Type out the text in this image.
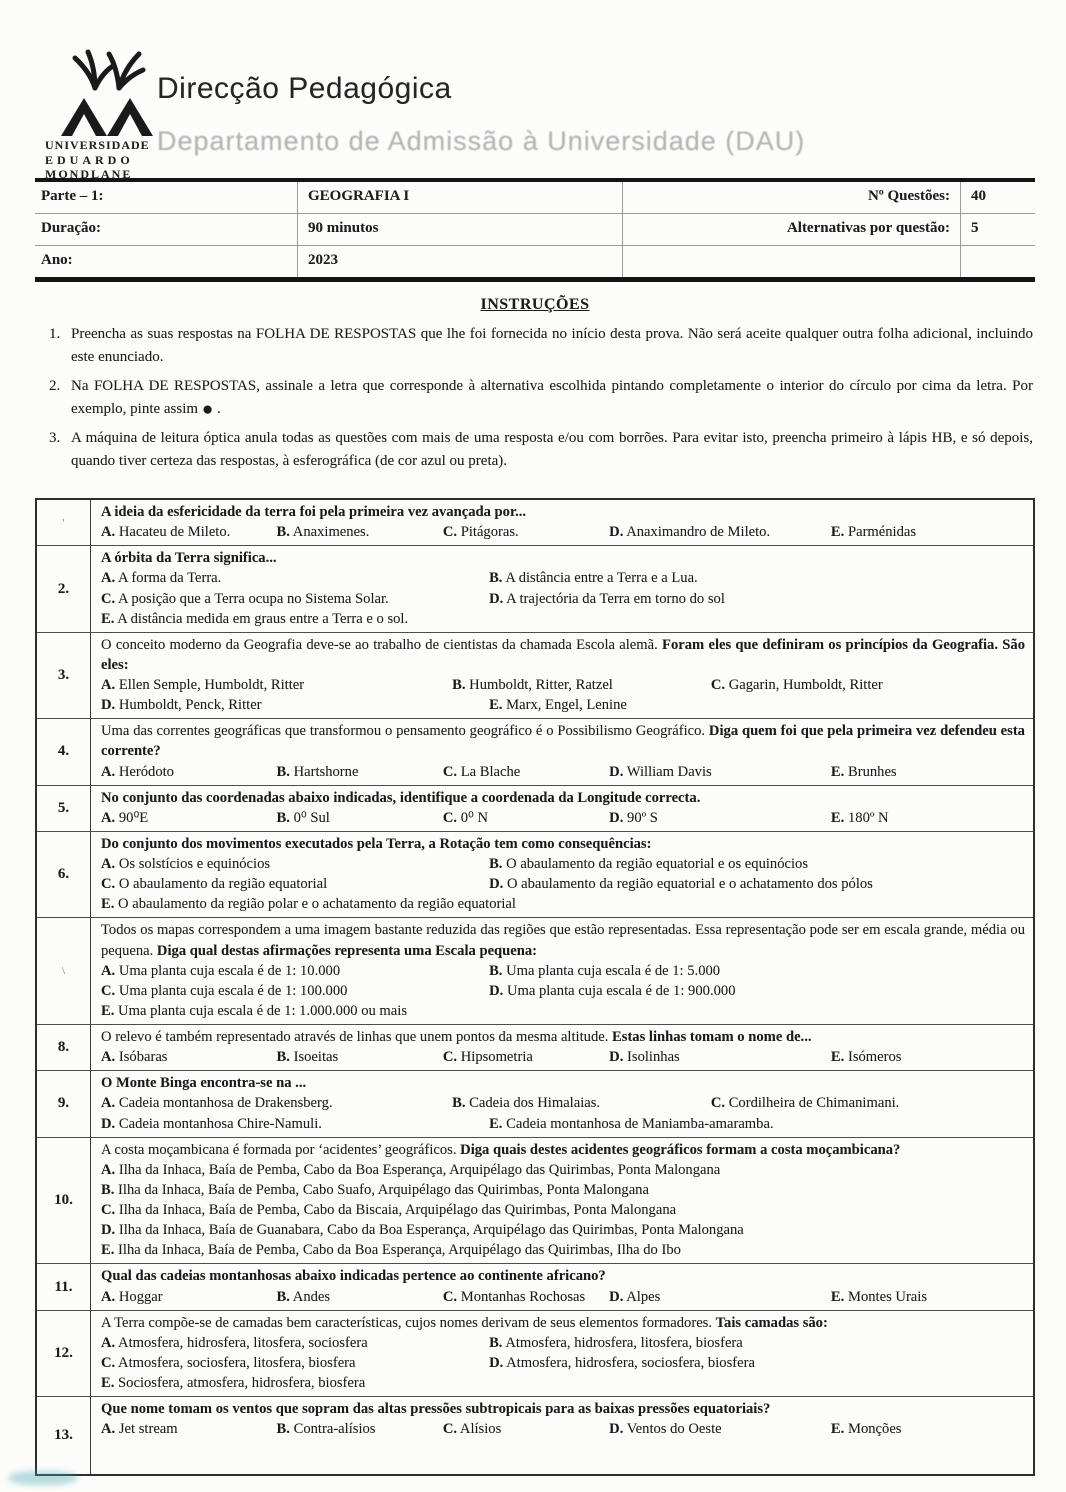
UNIVERSIDADE
EDUARDO
MONDLANE
Direcção Pedagógica
Departamento de Admissão à Universidade (DAU)
Parte – 1:	GEOGRAFIA I	Nº Questões:	40
Duração:	90 minutos	Alternativas por questão:	5
Ano:	2023
INSTRUÇÕES
1. Preencha as suas respostas na FOLHA DE RESPOSTAS que lhe foi fornecida no início desta prova. Não será aceite qualquer outra folha adicional, incluindo este enunciado.
2. Na FOLHA DE RESPOSTAS, assinale a letra que corresponde à alternativa escolhida pintando completamente o interior do círculo por cima da letra. Por exemplo, pinte assim ● .
3. A máquina de leitura óptica anula todas as questões com mais de uma resposta e/ou com borrões. Para evitar isto, preencha primeiro à lápis HB, e só depois, quando tiver certeza das respostas, à esferográfica (de cor azul ou preta).
'
A ideia da esfericidade da terra foi pela primeira vez avançada por...
A. Hacateu de Mileto.	B. Anaximenes.	C. Pitágoras.	D. Anaximandro de Mileto.	E. Parménidas
2.
A órbita da Terra significa...
A. A forma da Terra.	B. A distância entre a Terra e a Lua.
C. A posição que a Terra ocupa no Sistema Solar.	D. A trajectória da Terra em torno do sol
E. A distância medida em graus entre a Terra e o sol.
3.
O conceito moderno da Geografia deve-se ao trabalho de cientistas da chamada Escola alemã. Foram eles que definiram os princípios da Geografia. São eles:
A. Ellen Semple, Humboldt, Ritter	B. Humboldt, Ritter, Ratzel	C. Gagarin, Humboldt, Ritter
D. Humboldt, Penck, Ritter	E. Marx, Engel, Lenine
4.
Uma das correntes geográficas que transformou o pensamento geográfico é o Possibilismo Geográfico. Diga quem foi que pela primeira vez defendeu esta corrente?
A. Heródoto	B. Hartshorne	C. La Blache	D. William Davis	E. Brunhes
5.
No conjunto das coordenadas abaixo indicadas, identifique a coordenada da Longitude correcta.
A. 90⁰E	B. 0⁰ Sul	C. 0⁰ N	D. 90º S	E. 180º N
6.
Do conjunto dos movimentos executados pela Terra, a Rotação tem como consequências:
A. Os solstícios e equinócios	B. O abaulamento da região equatorial e os equinócios
C. O abaulamento da região equatorial	D. O abaulamento da região equatorial e o achatamento dos pólos
E. O abaulamento da região polar e o achatamento da região equatorial
\
Todos os mapas correspondem a uma imagem bastante reduzida das regiões que estão representadas. Essa representação pode ser em escala grande, média ou pequena. Diga qual destas afirmações representa uma Escala pequena:
A. Uma planta cuja escala é de 1: 10.000	B. Uma planta cuja escala é de 1: 5.000
C. Uma planta cuja escala é de 1: 100.000	D. Uma planta cuja escala é de 1: 900.000
E. Uma planta cuja escala é de 1: 1.000.000 ou mais
8.
O relevo é também representado através de linhas que unem pontos da mesma altitude. Estas linhas tomam o nome de...
A. Isóbaras	B. Isoeitas	C. Hipsometria	D. Isolinhas	E. Isómeros
9.
O Monte Binga encontra-se na ...
A. Cadeia montanhosa de Drakensberg.	B. Cadeia dos Himalaias.	C. Cordilheira de Chimanimani.
D. Cadeia montanhosa Chire-Namuli.	E. Cadeia montanhosa de Maniamba-amaramba.
10.
A costa moçambicana é formada por ‘acidentes’ geográficos. Diga quais destes acidentes geográficos formam a costa moçambicana?
A. Ilha da Inhaca, Baía de Pemba, Cabo da Boa Esperança, Arquipélago das Quirimbas, Ponta Malongana
B. Ilha da Inhaca, Baía de Pemba, Cabo Suafo, Arquipélago das Quirimbas, Ponta Malongana
C. Ilha da Inhaca, Baía de Pemba, Cabo da Biscaia, Arquipélago das Quirimbas, Ponta Malongana
D. Ilha da Inhaca, Baía de Guanabara, Cabo da Boa Esperança, Arquipélago das Quirimbas, Ponta Malongana
E. Ilha da Inhaca, Baía de Pemba, Cabo da Boa Esperança, Arquipélago das Quirimbas, Ilha do Ibo
11.
Qual das cadeias montanhosas abaixo indicadas pertence ao continente africano?
A. Hoggar	B. Andes	C. Montanhas Rochosas	D. Alpes	E. Montes Urais
12.
A Terra compõe-se de camadas bem características, cujos nomes derivam de seus elementos formadores. Tais camadas são:
A. Atmosfera, hidrosfera, litosfera, sociosfera	B. Atmosfera, hidrosfera, litosfera, biosfera
C. Atmosfera, sociosfera, litosfera, biosfera	D. Atmosfera, hidrosfera, sociosfera, biosfera
E. Sociosfera, atmosfera, hidrosfera, biosfera
13.
Que nome tomam os ventos que sopram das altas pressões subtropicais para as baixas pressões equatoriais?
A. Jet stream	B. Contra-alísios	C. Alísios	D. Ventos do Oeste	E. Monções
